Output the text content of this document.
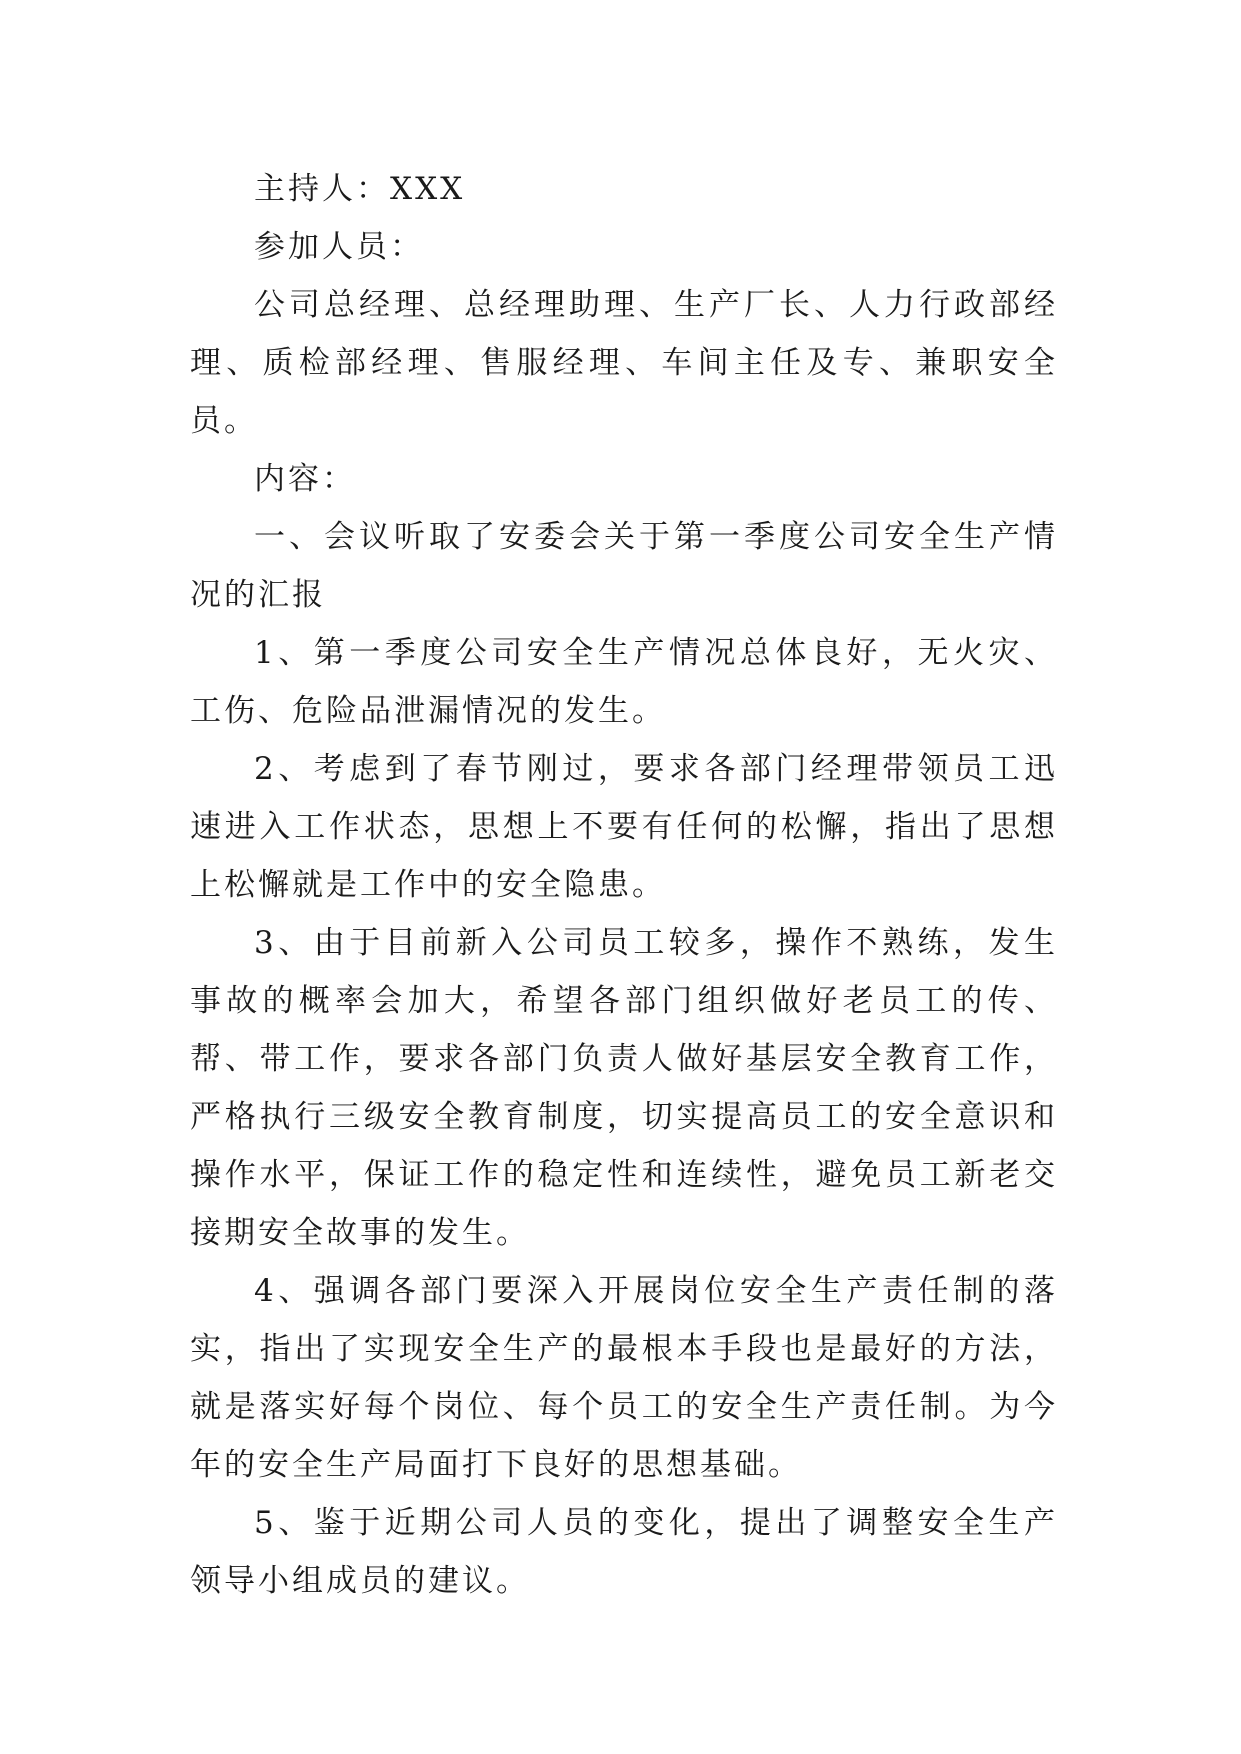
主持人：XXX

参加人员：

公司总经理、总经理助理、生产厂长、人力行政部经理、质检部经理、售服经理、车间主任及专、兼职安全员。

内容：

一、会议听取了安委会关于第一季度公司安全生产情况的汇报

1、第一季度公司安全生产情况总体良好，无火灾、工伤、危险品泄漏情况的发生。

2、考虑到了春节刚过，要求各部门经理带领员工迅速进入工作状态，思想上不要有任何的松懈，指出了思想上松懈就是工作中的安全隐患。

3、由于目前新入公司员工较多，操作不熟练，发生事故的概率会加大，希望各部门组织做好老员工的传、帮、带工作，要求各部门负责人做好基层安全教育工作，严格执行三级安全教育制度，切实提高员工的安全意识和操作水平，保证工作的稳定性和连续性，避免员工新老交接期安全故事的发生。

4、强调各部门要深入开展岗位安全生产责任制的落实，指出了实现安全生产的最根本手段也是最好的方法，就是落实好每个岗位、每个员工的安全生产责任制。为今年的安全生产局面打下良好的思想基础。

5、鉴于近期公司人员的变化，提出了调整安全生产领导小组成员的建议。
